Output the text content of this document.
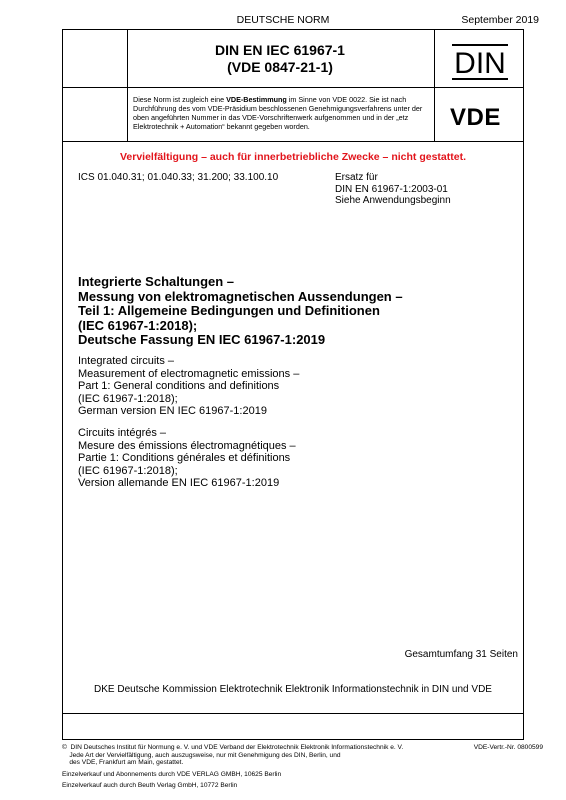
DEUTSCHE NORM	September 2019
DIN EN IEC 61967-1
(VDE 0847-21-1)	DIN
Diese Norm ist zugleich eine VDE-Bestimmung im Sinne von VDE 0022. Sie ist nach Durchführung des vom VDE-Präsidium beschlossenen Genehmigungsverfahrens unter der oben angeführten Nummer in das VDE-Vorschriftenwerk aufgenommen und in der „etz Elektrotechnik + Automation“ bekannt gegeben worden.	VDE
Vervielfältigung – auch für innerbetriebliche Zwecke – nicht gestattet.
ICS 01.040.31; 01.040.33; 31.200; 33.100.10	Ersatz für
DIN EN 61967-1:2003-01
Siehe Anwendungsbeginn
Integrierte Schaltungen –
Messung von elektromagnetischen Aussendungen –
Teil 1: Allgemeine Bedingungen und Definitionen
(IEC 61967-1:2018);
Deutsche Fassung EN IEC 61967-1:2019
Integrated circuits –
Measurement of electromagnetic emissions –
Part 1: General conditions and definitions
(IEC 61967-1:2018);
German version EN IEC 61967-1:2019
Circuits intégrés –
Mesure des émissions électromagnétiques –
Partie 1: Conditions générales et définitions
(IEC 61967-1:2018);
Version allemande EN IEC 61967-1:2019
Gesamtumfang 31 Seiten
DKE Deutsche Kommission Elektrotechnik Elektronik Informationstechnik in DIN und VDE
©  DIN Deutsches Institut für Normung e. V. und VDE Verband der Elektrotechnik Elektronik Informationstechnik e. V.
Jede Art der Vervielfältigung, auch auszugsweise, nur mit Genehmigung des DIN, Berlin, und
des VDE, Frankfurt am Main, gestattet.
VDE-Vertr.-Nr. 0800599
Einzelverkauf und Abonnements durch VDE VERLAG GMBH, 10625 Berlin
Einzelverkauf auch durch Beuth Verlag GmbH, 10772 Berlin
